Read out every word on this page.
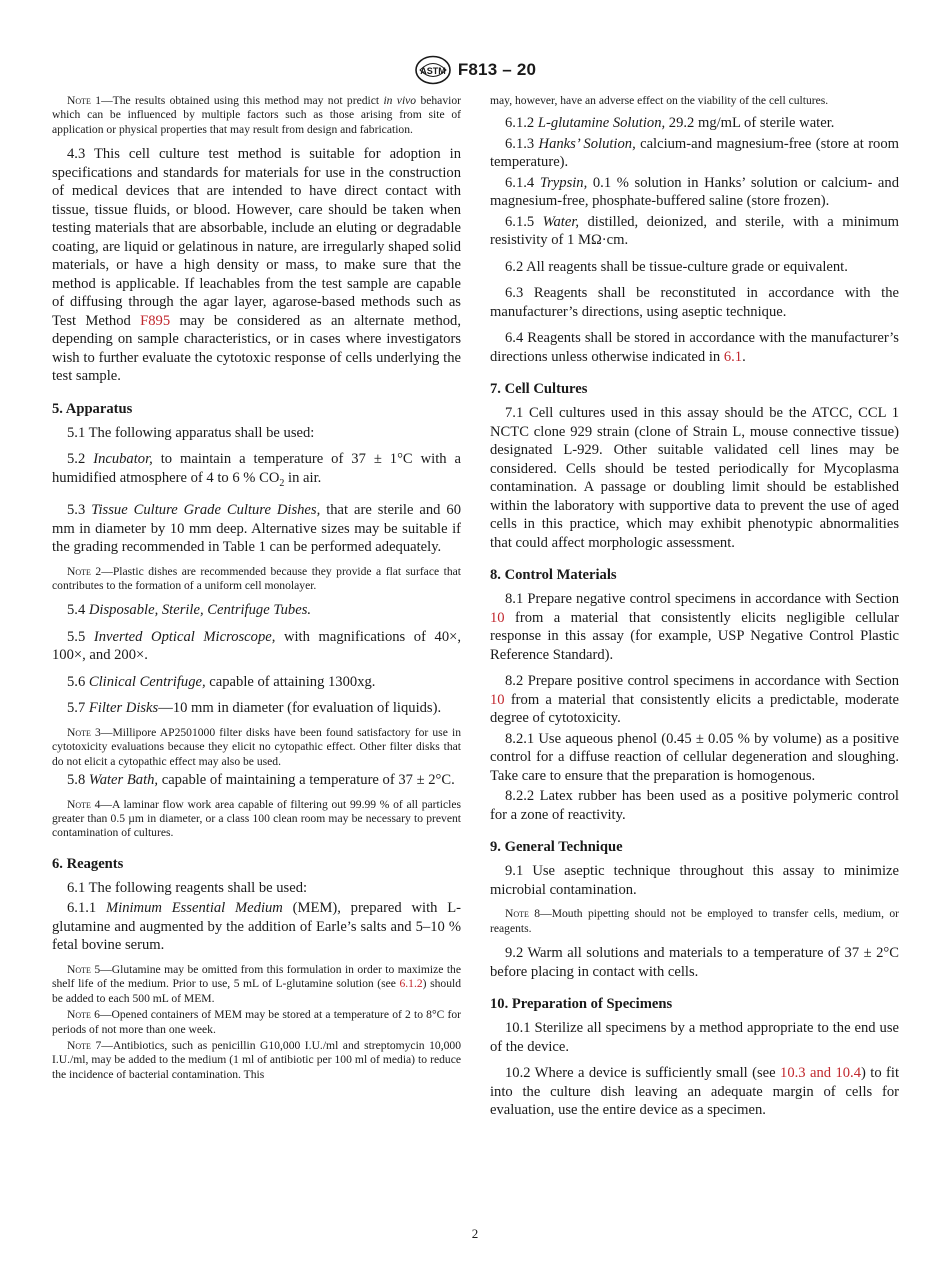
ASTM F813 – 20

Note 1—The results obtained using this method may not predict in vivo behavior which can be influenced by multiple factors such as those arising from site of application or physical properties that may result from design and fabrication.

4.3 This cell culture test method is suitable for adoption in specifications and standards for materials for use in the construction of medical devices that are intended to have direct contact with tissue, tissue fluids, or blood. However, care should be taken when testing materials that are absorbable, include an eluting or degradable coating, are liquid or gelatinous in nature, are irregularly shaped solid materials, or have a high density or mass, to make sure that the method is applicable. If leachables from the test sample are capable of diffusing through the agar layer, agarose-based methods such as Test Method F895 may be considered as an alternate method, depending on sample characteristics, or in cases where investigators wish to further evaluate the cytotoxic response of cells underlying the test sample.

5. Apparatus

5.1 The following apparatus shall be used:

5.2 Incubator, to maintain a temperature of 37 ± 1°C with a humidified atmosphere of 4 to 6 % $CO_2$ in air.

5.3 Tissue Culture Grade Culture Dishes, that are sterile and 60 mm in diameter by 10 mm deep. Alternative sizes may be suitable if the grading recommended in Table 1 can be performed adequately.

Note 2—Plastic dishes are recommended because they provide a flat surface that contributes to the formation of a uniform cell monolayer.

5.4 Disposable, Sterile, Centrifuge Tubes.

5.5 Inverted Optical Microscope, with magnifications of 40×, 100×, and 200×.

5.6 Clinical Centrifuge, capable of attaining 1300xg.

5.7 Filter Disks—10 mm in diameter (for evaluation of liquids).

Note 3—Millipore AP2501000 filter disks have been found satisfactory for use in cytotoxicity evaluations because they elicit no cytopathic effect. Other filter disks that do not elicit a cytopathic effect may also be used.

5.8 Water Bath, capable of maintaining a temperature of 37 ± 2°C.

Note 4—A laminar flow work area capable of filtering out 99.99 % of all particles greater than 0.5 µm in diameter, or a class 100 clean room may be necessary to prevent contamination of cultures.

6. Reagents

6.1 The following reagents shall be used:

6.1.1 Minimum Essential Medium (MEM), prepared with L-glutamine and augmented by the addition of Earle’s salts and 5–10 % fetal bovine serum.

Note 5—Glutamine may be omitted from this formulation in order to maximize the shelf life of the medium. Prior to use, 5 mL of L-glutamine solution (see 6.1.2) should be added to each 500 mL of MEM.

Note 6—Opened containers of MEM may be stored at a temperature of 2 to 8°C for periods of not more than one week.

Note 7—Antibiotics, such as penicillin G10,000 I.U./ml and streptomycin 10,000 I.U./ml, may be added to the medium (1 ml of antibiotic per 100 ml of media) to reduce the incidence of bacterial contamination. This

may, however, have an adverse effect on the viability of the cell cultures.

6.1.2 L-glutamine Solution, 29.2 mg/mL of sterile water.

6.1.3 Hanks’ Solution, calcium-and magnesium-free (store at room temperature).

6.1.4 Trypsin, 0.1 % solution in Hanks’ solution or calcium- and magnesium-free, phosphate-buffered saline (store frozen).

6.1.5 Water, distilled, deionized, and sterile, with a minimum resistivity of 1 MΩ·cm.

6.2 All reagents shall be tissue-culture grade or equivalent.

6.3 Reagents shall be reconstituted in accordance with the manufacturer’s directions, using aseptic technique.

6.4 Reagents shall be stored in accordance with the manufacturer’s directions unless otherwise indicated in 6.1.

7. Cell Cultures

7.1 Cell cultures used in this assay should be the ATCC, CCL 1 NCTC clone 929 strain (clone of Strain L, mouse connective tissue) designated L-929. Other suitable validated cell lines may be considered. Cells should be tested periodically for Mycoplasma contamination. A passage or doubling limit should be established within the laboratory with supportive data to prevent the use of aged cells in this practice, which may exhibit phenotypic abnormalities that could affect morphologic assessment.

8. Control Materials

8.1 Prepare negative control specimens in accordance with Section 10 from a material that consistently elicits negligible cellular response in this assay (for example, USP Negative Control Plastic Reference Standard).

8.2 Prepare positive control specimens in accordance with Section 10 from a material that consistently elicits a predictable, moderate degree of cytotoxicity.

8.2.1 Use aqueous phenol (0.45 ± 0.05 % by volume) as a positive control for a diffuse reaction of cellular degeneration and sloughing. Take care to ensure that the preparation is homogenous.

8.2.2 Latex rubber has been used as a positive polymeric control for a zone of reactivity.

9. General Technique

9.1 Use aseptic technique throughout this assay to minimize microbial contamination.

Note 8—Mouth pipetting should not be employed to transfer cells, medium, or reagents.

9.2 Warm all solutions and materials to a temperature of 37 ± 2°C before placing in contact with cells.

10. Preparation of Specimens

10.1 Sterilize all specimens by a method appropriate to the end use of the device.

10.2 Where a device is sufficiently small (see 10.3 and 10.4) to fit into the culture dish leaving an adequate margin of cells for evaluation, use the entire device as a specimen.

2
